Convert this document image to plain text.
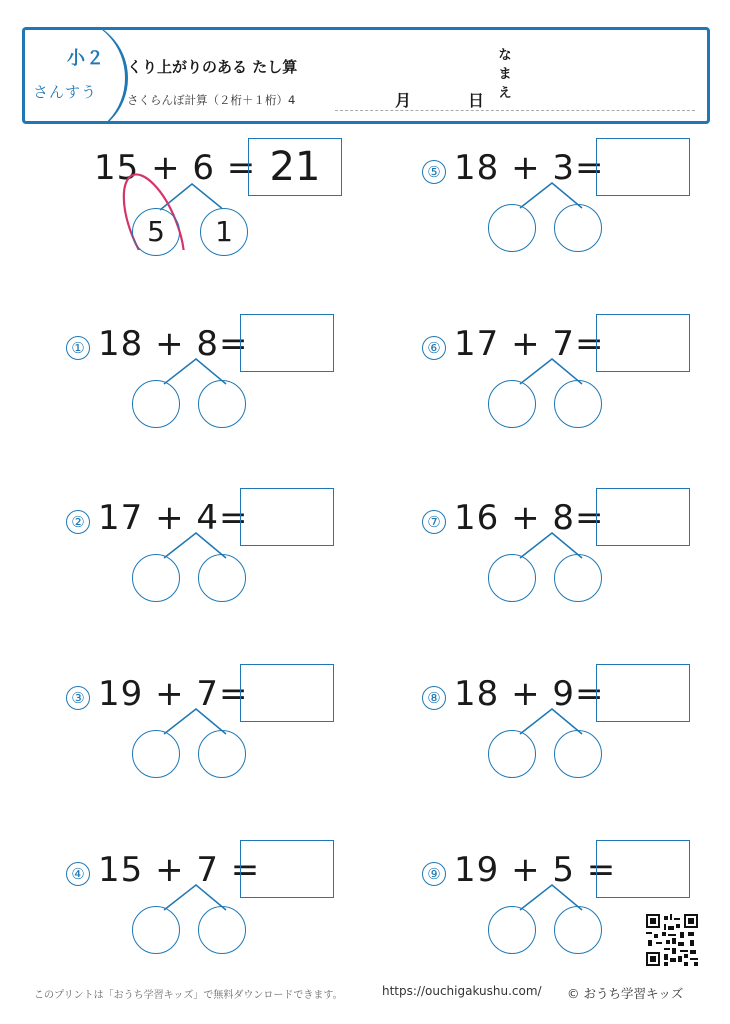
小２
さんすう
くり上がりのある たし算
さくらんぼ計算（２桁＋１桁）4	月	日
な
ま
え
15 + 6 = 21
5	1
① 18 + 8=
② 17 + 4=
③ 19 + 7=
④ 15 + 7 =
⑤ 18 + 3=
⑥ 17 + 7=
⑦ 16 + 8=
⑧ 18 + 9=
⑨ 19 + 5 =
このプリントは「おうち学習キッズ」で無料ダウンロードできます。	https://ouchigakushu.com/ © おうち学習キッズ
